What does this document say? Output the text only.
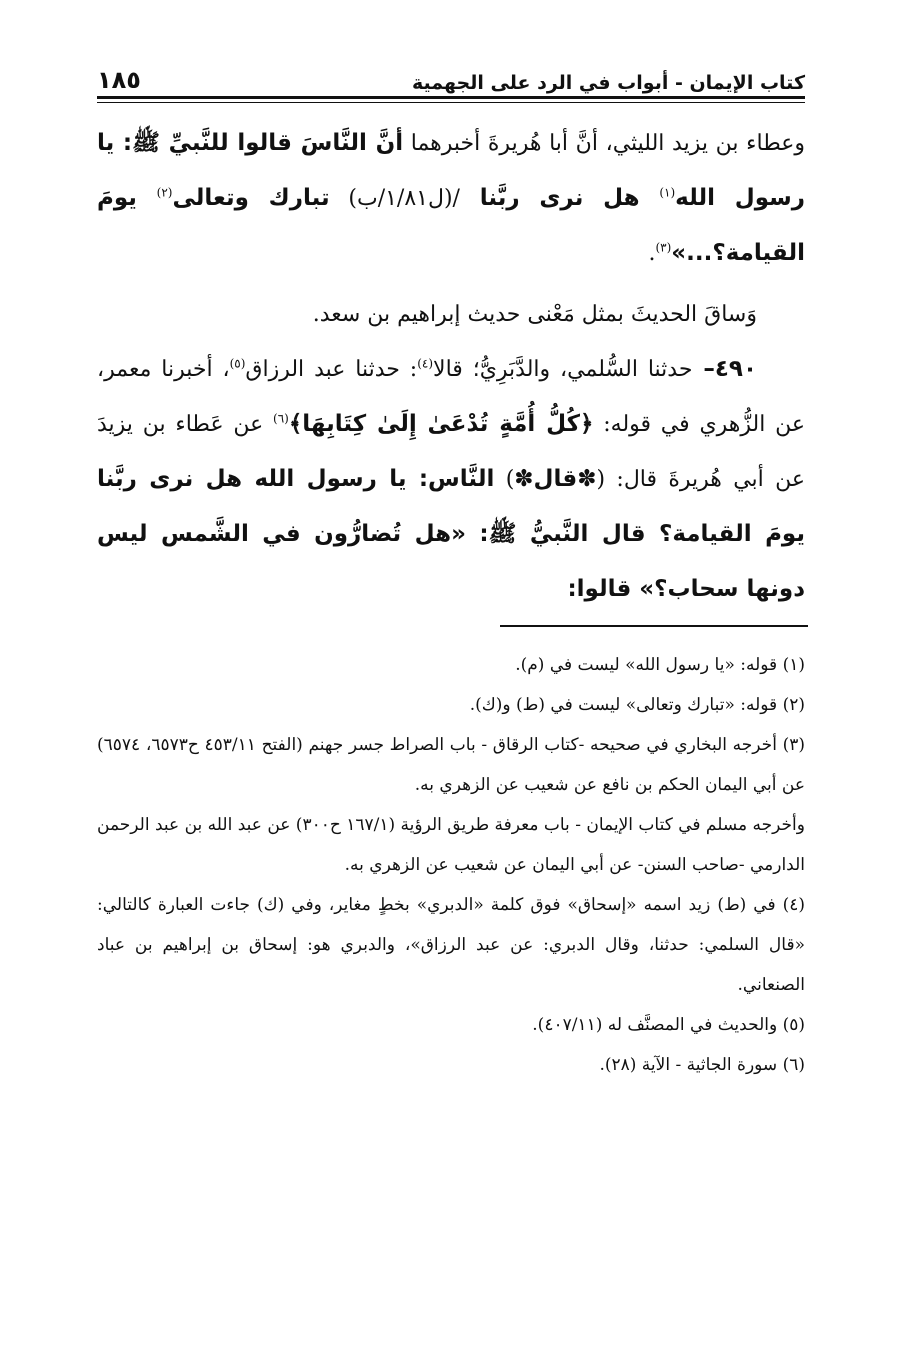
كتاب الإيمان - أبواب في الرد على الجهمية
١٨٥

وعطاء بن يزيد الليثي، أنَّ أبا هُريرةَ أخبرهما أنَّ النَّاسَ قالوا للنَّبيِّ ﷺ: يا رسول الله$^{(١)}$ هل نرى ربَّنا /(ل١/٨١/ب) تبارك وتعالى$^{(٢)}$ يومَ القيامة؟...»$^{(٣)}$.

وَساقَ الحديثَ بمثل مَعْنى حديث إبراهيم بن سعد.

٤٩٠– حدثنا السُّلمي، والدَّبَرِيُّ؛ قالا$^{(٤)}$: حدثنا عبد الرزاق$^{(٥)}$، أخبرنا معمر، عن الزُّهري في قوله: ﴿كُلُّ أُمَّةٍ تُدْعَىٰ إِلَىٰ كِتَابِهَا﴾$^{(٦)}$ عن عَطاء بن يزيدَ عن أبي هُريرةَ قال: (✽قال✽) النَّاس: يا رسول الله هل نرى ربَّنا يومَ القيامة؟ قال النَّبيُّ ﷺ: «هل تُضارُّون في الشَّمس ليس دونها سحاب؟» قالوا:

(١) قوله: «يا رسول الله» ليست في (م).

(٢) قوله: «تبارك وتعالى» ليست في (ط) و(ك).

(٣) أخرجه البخاري في صحيحه -كتاب الرقاق - باب الصراط جسر جهنم (الفتح ٤٥٣/١١ ح٦٥٧٣، ٦٥٧٤) عن أبي اليمان الحكم بن نافع عن شعيب عن الزهري به.

وأخرجه مسلم في كتاب الإيمان - باب معرفة طريق الرؤية (١٦٧/١ ح٣٠٠) عن عبد الله بن عبد الرحمن الدارمي -صاحب السنن- عن أبي اليمان عن شعيب عن الزهري به.

(٤) في (ط) زيد اسمه «إسحاق» فوق كلمة «الدبري» بخطٍ مغاير، وفي (ك) جاءت العبارة كالتالي: «قال السلمي: حدثنا، وقال الدبري: عن عبد الرزاق»، والدبري هو: إسحاق بن إبراهيم بن عباد الصنعاني.

(٥) والحديث في المصنَّف له (٤٠٧/١١).

(٦) سورة الجاثية - الآية (٢٨).
